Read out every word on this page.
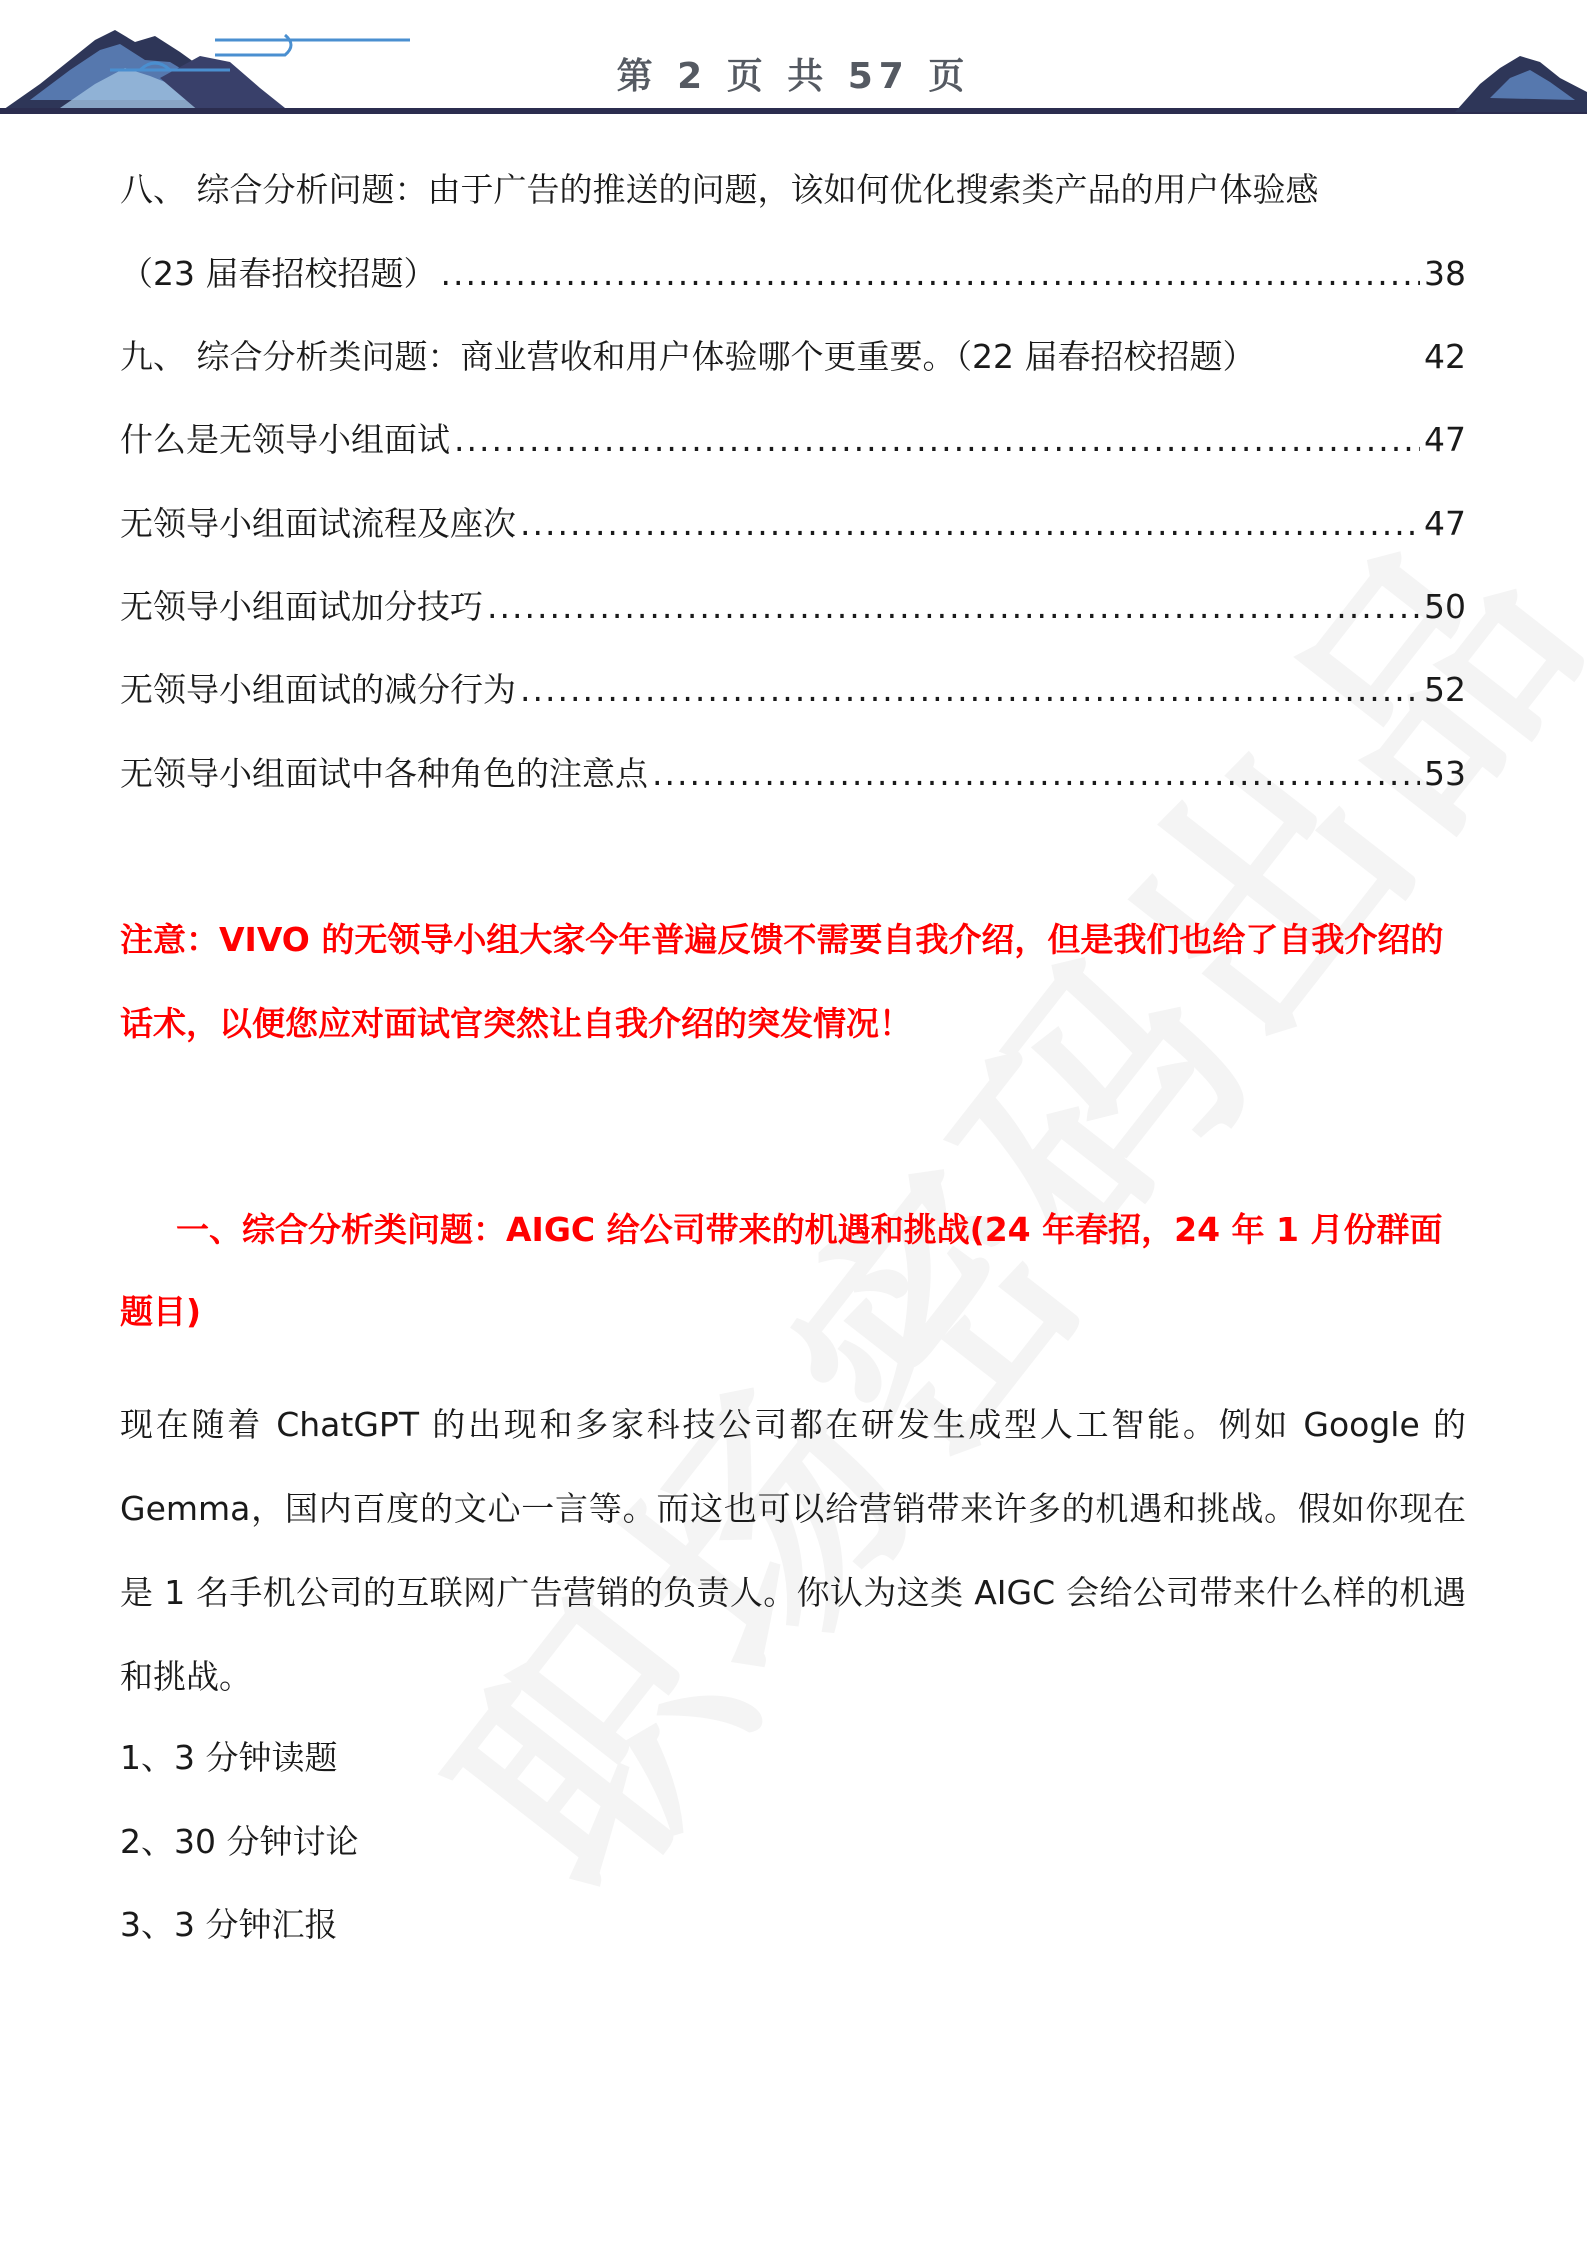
第 2 页 共 57 页
八、 综合分析问题：由于广告的推送的问题，该如何优化搜索类产品的用户体验感
（23 届春招校招题） .....	38
九、 综合分析类问题：商业营收和用户体验哪个更重要。（22 届春招校招题）	42
什么是无领导小组面试 .....	47
无领导小组面试流程及座次 .....	47
无领导小组面试加分技巧 .....	50
无领导小组面试的减分行为 .....	52
无领导小组面试中各种角色的注意点 .....	53
注意：VIVO 的无领导小组大家今年普遍反馈不需要自我介绍，但是我们也给了自我介绍的话术，以便您应对面试官突然让自我介绍的突发情况！
一、综合分析类问题：AIGC 给公司带来的机遇和挑战(24 年春招，24 年 1 月份群面题目)
现在随着 ChatGPT 的出现和多家科技公司都在研发生成型人工智能。例如 Google 的 Gemma，国内百度的文心一言等。而这也可以给营销带来许多的机遇和挑战。假如你现在是 1 名手机公司的互联网广告营销的负责人。你认为这类 AIGC 会给公司带来什么样的机遇和挑战。
1、3 分钟读题
2、30 分钟讨论
3、3 分钟汇报
